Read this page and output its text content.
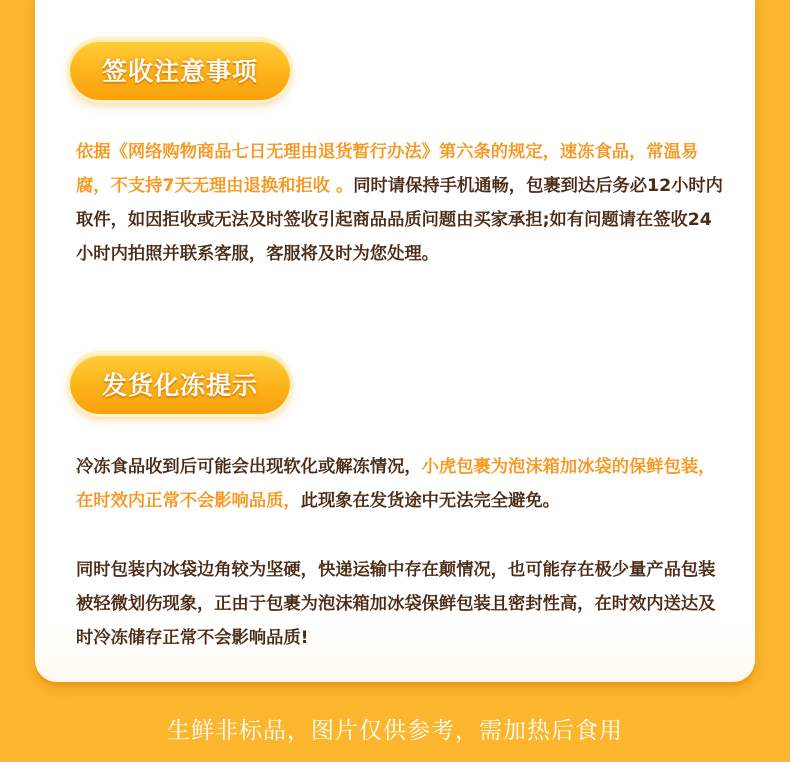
签收注意事项

依据《网络购物商品七日无理由退货暂行办法》第六条的规定，速冻食品，常温易腐，不支持7天无理由退换和拒收 。同时请保持手机通畅，包裹到达后务必12小时内取件，如因拒收或无法及时签收引起商品品质问题由买家承担;如有问题请在签收24小时内拍照并联系客服，客服将及时为您处理。

发货化冻提示

冷冻食品收到后可能会出现软化或解冻情况，小虎包裹为泡沫箱加冰袋的保鲜包装，在时效内正常不会影响品质，此现象在发货途中无法完全避免。

同时包装内冰袋边角较为坚硬，快递运输中存在颠情况，也可能存在极少量产品包装被轻微划伤现象，正由于包裹为泡沫箱加冰袋保鲜包装且密封性高，在时效内送达及时冷冻储存正常不会影响品质!

生鲜非标品，图片仅供参考，需加热后食用
